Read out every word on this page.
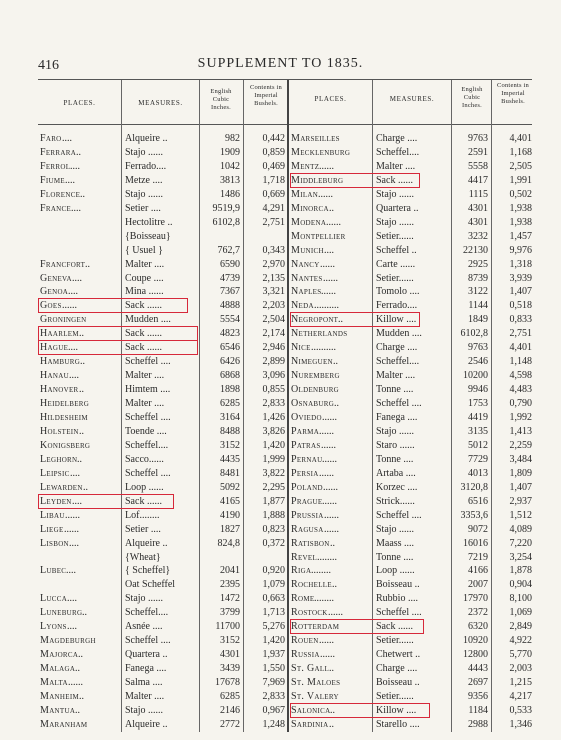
416	SUPPLEMENT TO 1835.
PLACES.	MEASURES.
English Cubic Inches.
Contents in Imperial Bushels.
PLACES.	MEASURES.
English Cubic Inches.
Contents in Imperial Bushels.
Faro ....	Alqueire ..	982	0,442
Ferrara ..	Stajo ......	1909	0,859
Ferrol ....	Ferrado....	1042	0,469
Fiume ....	Metze ....	3813	1,718
Florence ..	Stajo ......	1486	0,669
France ....	Setier ....	9519,9	4,291
Hectolitre ..	6102,8	2,751
{Boisseau}
{ Usuel }	762,7	0,343
Francfort ..	Malter ....	6590	2,970
Geneva ....	Coupe ....	4739	2,135
Genoa ....	Mina ......	7367	3,321
Goes ......	Sack ......	4888	2,203
Groningen	Mudden ....	5554	2,504
Haarlem ..	Sack ......	4823	2,174
Hague ....	Sack ......	6546	2,946
Hamburg ..	Scheffel ....	6426	2,899
Hanau ....	Malter ....	6868	3,096
Hanover ..	Himtem ....	1898	0,855
Heidelberg	Malter ....	6285	2,833
Hildesheim	Scheffel ....	3164	1,426
Holstein ..	Toende ....	8488	3,826
Konigsberg	Scheffel....	3152	1,420
Leghorn ..	Sacco......	4435	1,999
Leipsic ....	Scheffel ....	8481	3,822
Lewarden ..	Loop ......	5092	2,295
Leyden ....	Sack ......	4165	1,877
Libau ......	Lof........	4190	1,888
Liege ......	Setier ....	1827	0,823
Lisbon ....	Alqueire ..	824,8	0,372
{Wheat}
Lubec ....	{ Scheffel}	2041	0,920
Oat Scheffel	2395	1,079
Lucca ....	Stajo ......	1472	0,663
Luneburg ..	Scheffel....	3799	1,713
Lyons ....	Asnée ....	11700	5,276
Magdeburgh	Scheffel ....	3152	1,420
Majorca ..	Quartera ..	4301	1,937
Malaga ..	Fanega ....	3439	1,550
Malta ......	Salma ....	17678	7,969
Manheim ..	Malter ....	6285	2,833
Mantua ..	Stajo ......	2146	0,967
Maranham	Alqueire ..	2772	1,248
Marseilles	Charge ....	9763	4,401
Mecklenburg	Scheffel....	2591	1,168
Mentz ......	Malter ....	5558	2,505
Middleburg	Sack ......	4417	1,991
Milan ......	Stajo ......	1115	0,502
Minorca ..	Quartera ..	4301	1,938
Modena ......	Stajo ......	4301	1,938
Montpellier	Setier......	3232	1,457
Munich ....	Scheffel ..	22130	9,976
Nancy ......	Carte ......	2925	1,318
Nantes ......	Setier......	8739	3,939
Naples ......	Tomolo ....	3122	1,407
Neda ..........	Ferrado....	1144	0,518
Negropont ..	Killow ....	1849	0,833
Netherlands	Mudden ....	6102,8	2,751
Nice ..........	Charge ....	9763	4,401
Nimeguen ..	Scheffel....	2546	1,148
Nuremberg	Malter ....	10200	4,598
Oldenburg	Tonne ....	9946	4,483
Osnaburg ..	Scheffel ....	1753	0,790
Oviedo ......	Fanega ....	4419	1,992
Parma ......	Stajo ......	3135	1,413
Patras ......	Staro ......	5012	2,259
Pernau ......	Tonne ....	7729	3,484
Persia ......	Artaba ....	4013	1,809
Poland ......	Korzec ....	3120,8	1,407
Prague ......	Strick......	6516	2,937
Prussia ......	Scheffel ....	3353,6	1,512
Ragusa ......	Stajo ......	9072	4,089
Ratisbon ..	Maass ....	16016	7,220
Revel ........	Tonne ....	7219	3,254
Riga ........	Loop ......	4166	1,878
Rochelle ..	Boisseau ..	2007	0,904
Rome ........	Rubbio ....	17970	8,100
Rostock ......	Scheffel ....	2372	1,069
Rotterdam	Sack ......	6320	2,849
Rouen ......	Setier......	10920	4,922
Russia ......	Chetwert ..	12800	5,770
St. Gall ..	Charge ....	4443	2,003
St. Maloes	Boisseau ..	2697	1,215
St. Valery	Setier......	9356	4,217
Salonica ..	Killow ....	1184	0,533
Sardinia ..	Starello ....	2988	1,346
